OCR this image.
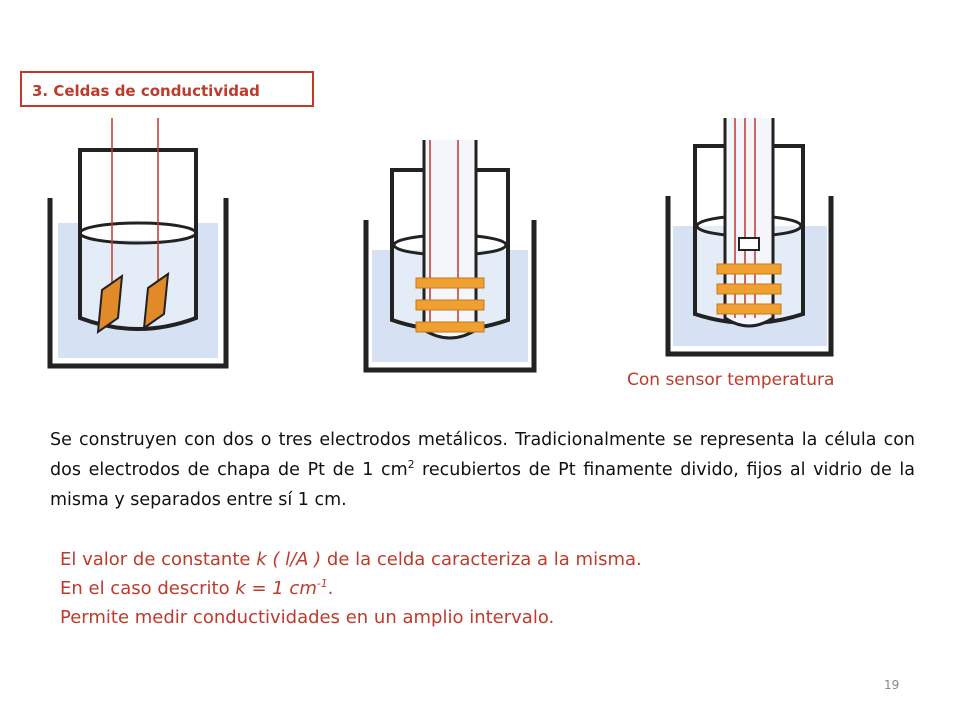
3. Celdas de conductividad
Con sensor temperatura
Se construyen con dos o tres electrodos metálicos. Tradicionalmente se representa la célula con dos electrodos de chapa de Pt de 1 $cm^2$ recubiertos de Pt finamente divido, fijos al vidrio de la misma y separados entre sí 1 cm.
El valor de constante k ( l/A ) de la celda caracteriza a la misma.
En el caso descrito k = 1 $cm^{-1}$.
Permite medir conductividades en un amplio intervalo.
19
